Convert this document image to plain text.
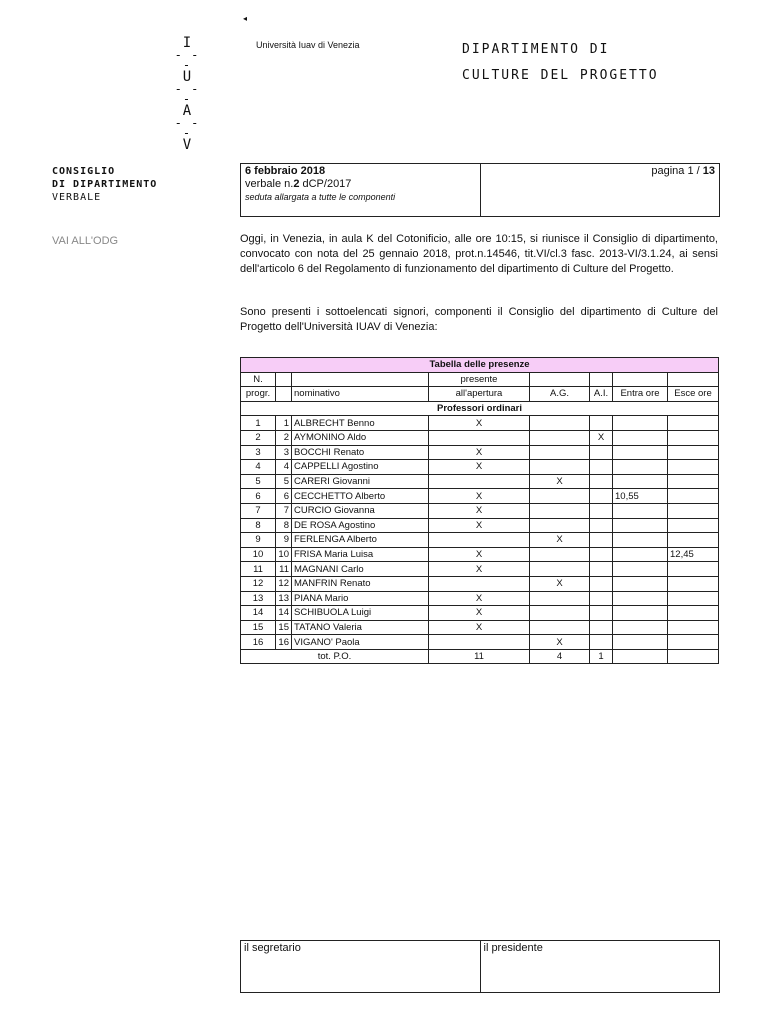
◂
I
- - -
U
- - -
A
- - -
V
Università Iuav di Venezia	DIPARTIMENTO DI
CULTURE DEL PROGETTO
CONSIGLIO
DI DIPARTIMENTO
VERBALE
VAI ALL'ODG
6 febbraio 2018
verbale n.2 dCP/2017
seduta allargata a tutte le componenti
pagina 1 / 13
Oggi, in Venezia, in aula K del Cotonificio, alle ore 10:15, si riunisce il Consiglio di dipartimento, convocato con nota del 25 gennaio 2018, prot.n.14546, tit.VI/cl.3 fasc. 2013-VI/3.1.24, ai sensi dell'articolo 6 del Regolamento di funzionamento del dipartimento di Culture del Progetto.
Sono presenti i sottoelencati signori, componenti il Consiglio del dipartimento di Culture del Progetto dell'Università IUAV di Venezia:
Tabella delle presenze							
N.			presente				
progr.		nominativo	all'apertura	A.G.	A.I.	Entra ore	Esce ore
Professori ordinari							
1	1	ALBRECHT Benno	X				
2	2	AYMONINO Aldo			X		
3	3	BOCCHI Renato	X				
4	4	CAPPELLI Agostino	X				
5	5	CARERI Giovanni		X			
6	6	CECCHETTO Alberto	X			10,55	
7	7	CURCIO Giovanna	X				
8	8	DE ROSA Agostino	X				
9	9	FERLENGA Alberto		X			
10	10	FRISA Maria Luisa	X				12,45
11	11	MAGNANI Carlo	X				
12	12	MANFRIN Renato		X			
13	13	PIANA Mario	X				
14	14	SCHIBUOLA Luigi	X				
15	15	TATANO Valeria	X				
16	16	VIGANO' Paola		X			
tot. P.O.			11	4	1		
il segretario	il presidente
